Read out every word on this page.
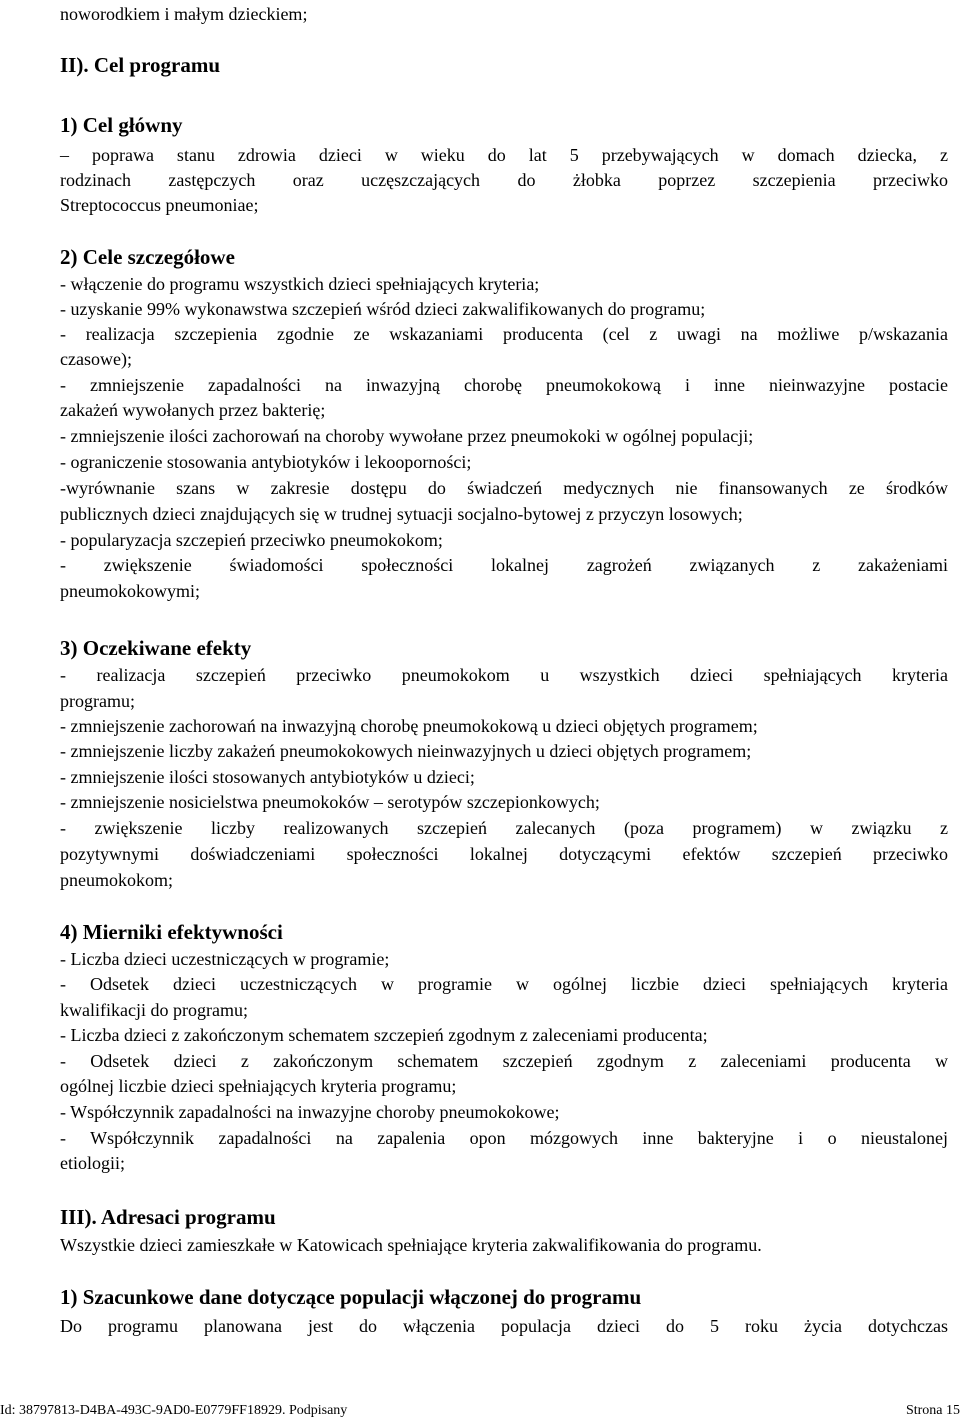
noworodkiem i małym dzieckiem;
II). Cel programu
1) Cel główny
– poprawa stanu zdrowia dzieci w wieku do lat 5 przebywających w domach dziecka, z
rodzinach zastępczych oraz uczęszczających do żłobka poprzez szczepienia przeciwko
Streptococcus pneumoniae;
2) Cele szczegółowe
- włączenie do programu wszystkich dzieci spełniających kryteria;
- uzyskanie 99% wykonawstwa szczepień wśród dzieci zakwalifikowanych do programu;
- realizacja szczepienia zgodnie ze wskazaniami producenta (cel z uwagi na możliwe p/wskazania
czasowe);
- zmniejszenie zapadalności na inwazyjną chorobę pneumokokową i inne nieinwazyjne postacie
zakażeń wywołanych przez bakterię;
- zmniejszenie ilości zachorowań na choroby wywołane przez pneumokoki w ogólnej populacji;
- ograniczenie stosowania antybiotyków i lekooporności;
-wyrównanie szans w zakresie dostępu do świadczeń medycznych nie finansowanych ze środków
publicznych dzieci znajdujących się w trudnej sytuacji socjalno-bytowej z przyczyn losowych;
- popularyzacja szczepień przeciwko pneumokokom;
- zwiększenie świadomości społeczności lokalnej zagrożeń związanych z zakażeniami
pneumokokowymi;
3) Oczekiwane efekty
- realizacja szczepień przeciwko pneumokokom u wszystkich dzieci spełniających kryteria
programu;
- zmniejszenie zachorowań na inwazyjną chorobę pneumokokową u dzieci objętych programem;
- zmniejszenie liczby zakażeń pneumokokowych nieinwazyjnych u dzieci objętych programem;
- zmniejszenie ilości stosowanych antybiotyków u dzieci;
- zmniejszenie nosicielstwa pneumokoków – serotypów szczepionkowych;
- zwiększenie liczby realizowanych szczepień zalecanych (poza programem) w związku z
pozytywnymi doświadczeniami społeczności lokalnej dotyczącymi efektów szczepień przeciwko
pneumokokom;
4) Mierniki efektywności
- Liczba dzieci uczestniczących w programie;
- Odsetek dzieci uczestniczących w programie w ogólnej liczbie dzieci spełniających kryteria
kwalifikacji do programu;
- Liczba dzieci z zakończonym schematem szczepień zgodnym z zaleceniami producenta;
- Odsetek dzieci z zakończonym schematem szczepień zgodnym z zaleceniami producenta w
ogólnej liczbie dzieci spełniających kryteria programu;
- Współczynnik zapadalności na inwazyjne choroby pneumokokowe;
- Współczynnik zapadalności na zapalenia opon mózgowych inne bakteryjne i o nieustalonej
etiologii;
III). Adresaci programu
Wszystkie dzieci zamieszkałe w Katowicach spełniające kryteria zakwalifikowania do programu.
1) Szacunkowe dane dotyczące populacji włączonej do programu
Do programu planowana jest do włączenia populacja dzieci do 5 roku życia dotychczas
Id: 38797813-D4BA-493C-9AD0-E0779FF18929. Podpisany	Strona 15
